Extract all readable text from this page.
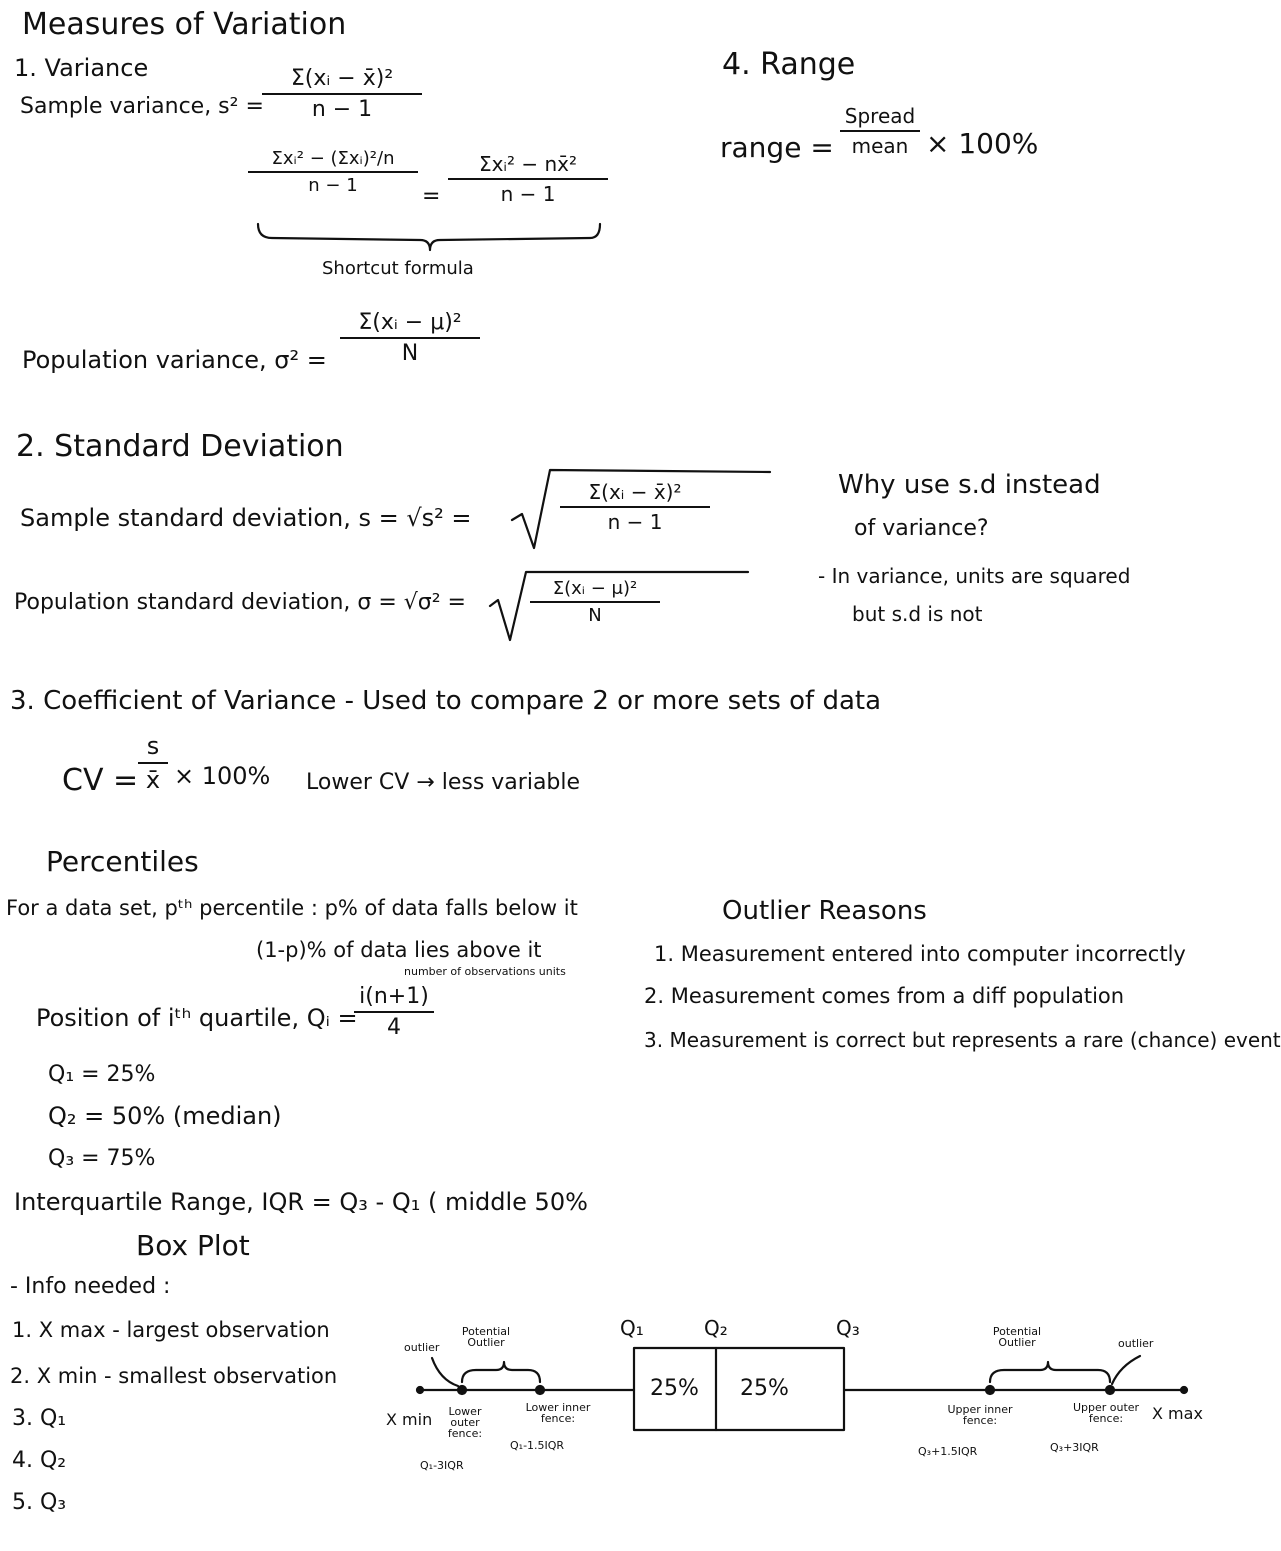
Measures of Variation
1. Variance
Sample variance, s² =
Σ(xᵢ − x̄)²
n − 1
Σxᵢ² − (Σxᵢ)²/n
n − 1	=
Σxᵢ² − nx̄²
n − 1
Shortcut formula
Population variance, σ² =
Σ(xᵢ − μ)²
N
4. Range
range =
Spread
mean × 100%
2. Standard Deviation
Sample standard deviation, s = √s² =
Σ(xᵢ − x̄)²
n − 1
Population standard deviation, σ = √σ² =
Σ(xᵢ − μ)²
N
Why use s.d instead
of variance?
- In variance, units are squared
but s.d is not
3. Coefficient of Variance - Used to compare 2 or more sets of data
CV =
s
x̄ × 100% Lower CV → less variable
Percentiles
For a data set, pᵗʰ percentile : p% of data falls below it
(1-p)% of data lies above it
number of observations units
Position of iᵗʰ quartile, Qᵢ =
i(n+1)
4
Q₁ = 25%
Q₂ = 50% (median)
Q₃ = 75%
Interquartile Range, IQR = Q₃ - Q₁ ( middle 50%
Outlier Reasons
1. Measurement entered into computer incorrectly
2. Measurement comes from a diff population
3. Measurement is correct but represents a rare (chance) event
Box Plot
- Info needed :
1. X max - largest observation
2. X min - smallest observation
3. Q₁
4. Q₂
5. Q₃
Q₁	Q₂	Q₃
25% 25%
outlier
Potential Outlier	outlier
Potential Outlier
X min	X max
Lower outer fence:
Q₁-3IQR
Lower inner fence:
Q₁-1.5IQR
Upper inner fence:
Q₃+1.5IQR
Upper outer fence:
Q₃+3IQR
